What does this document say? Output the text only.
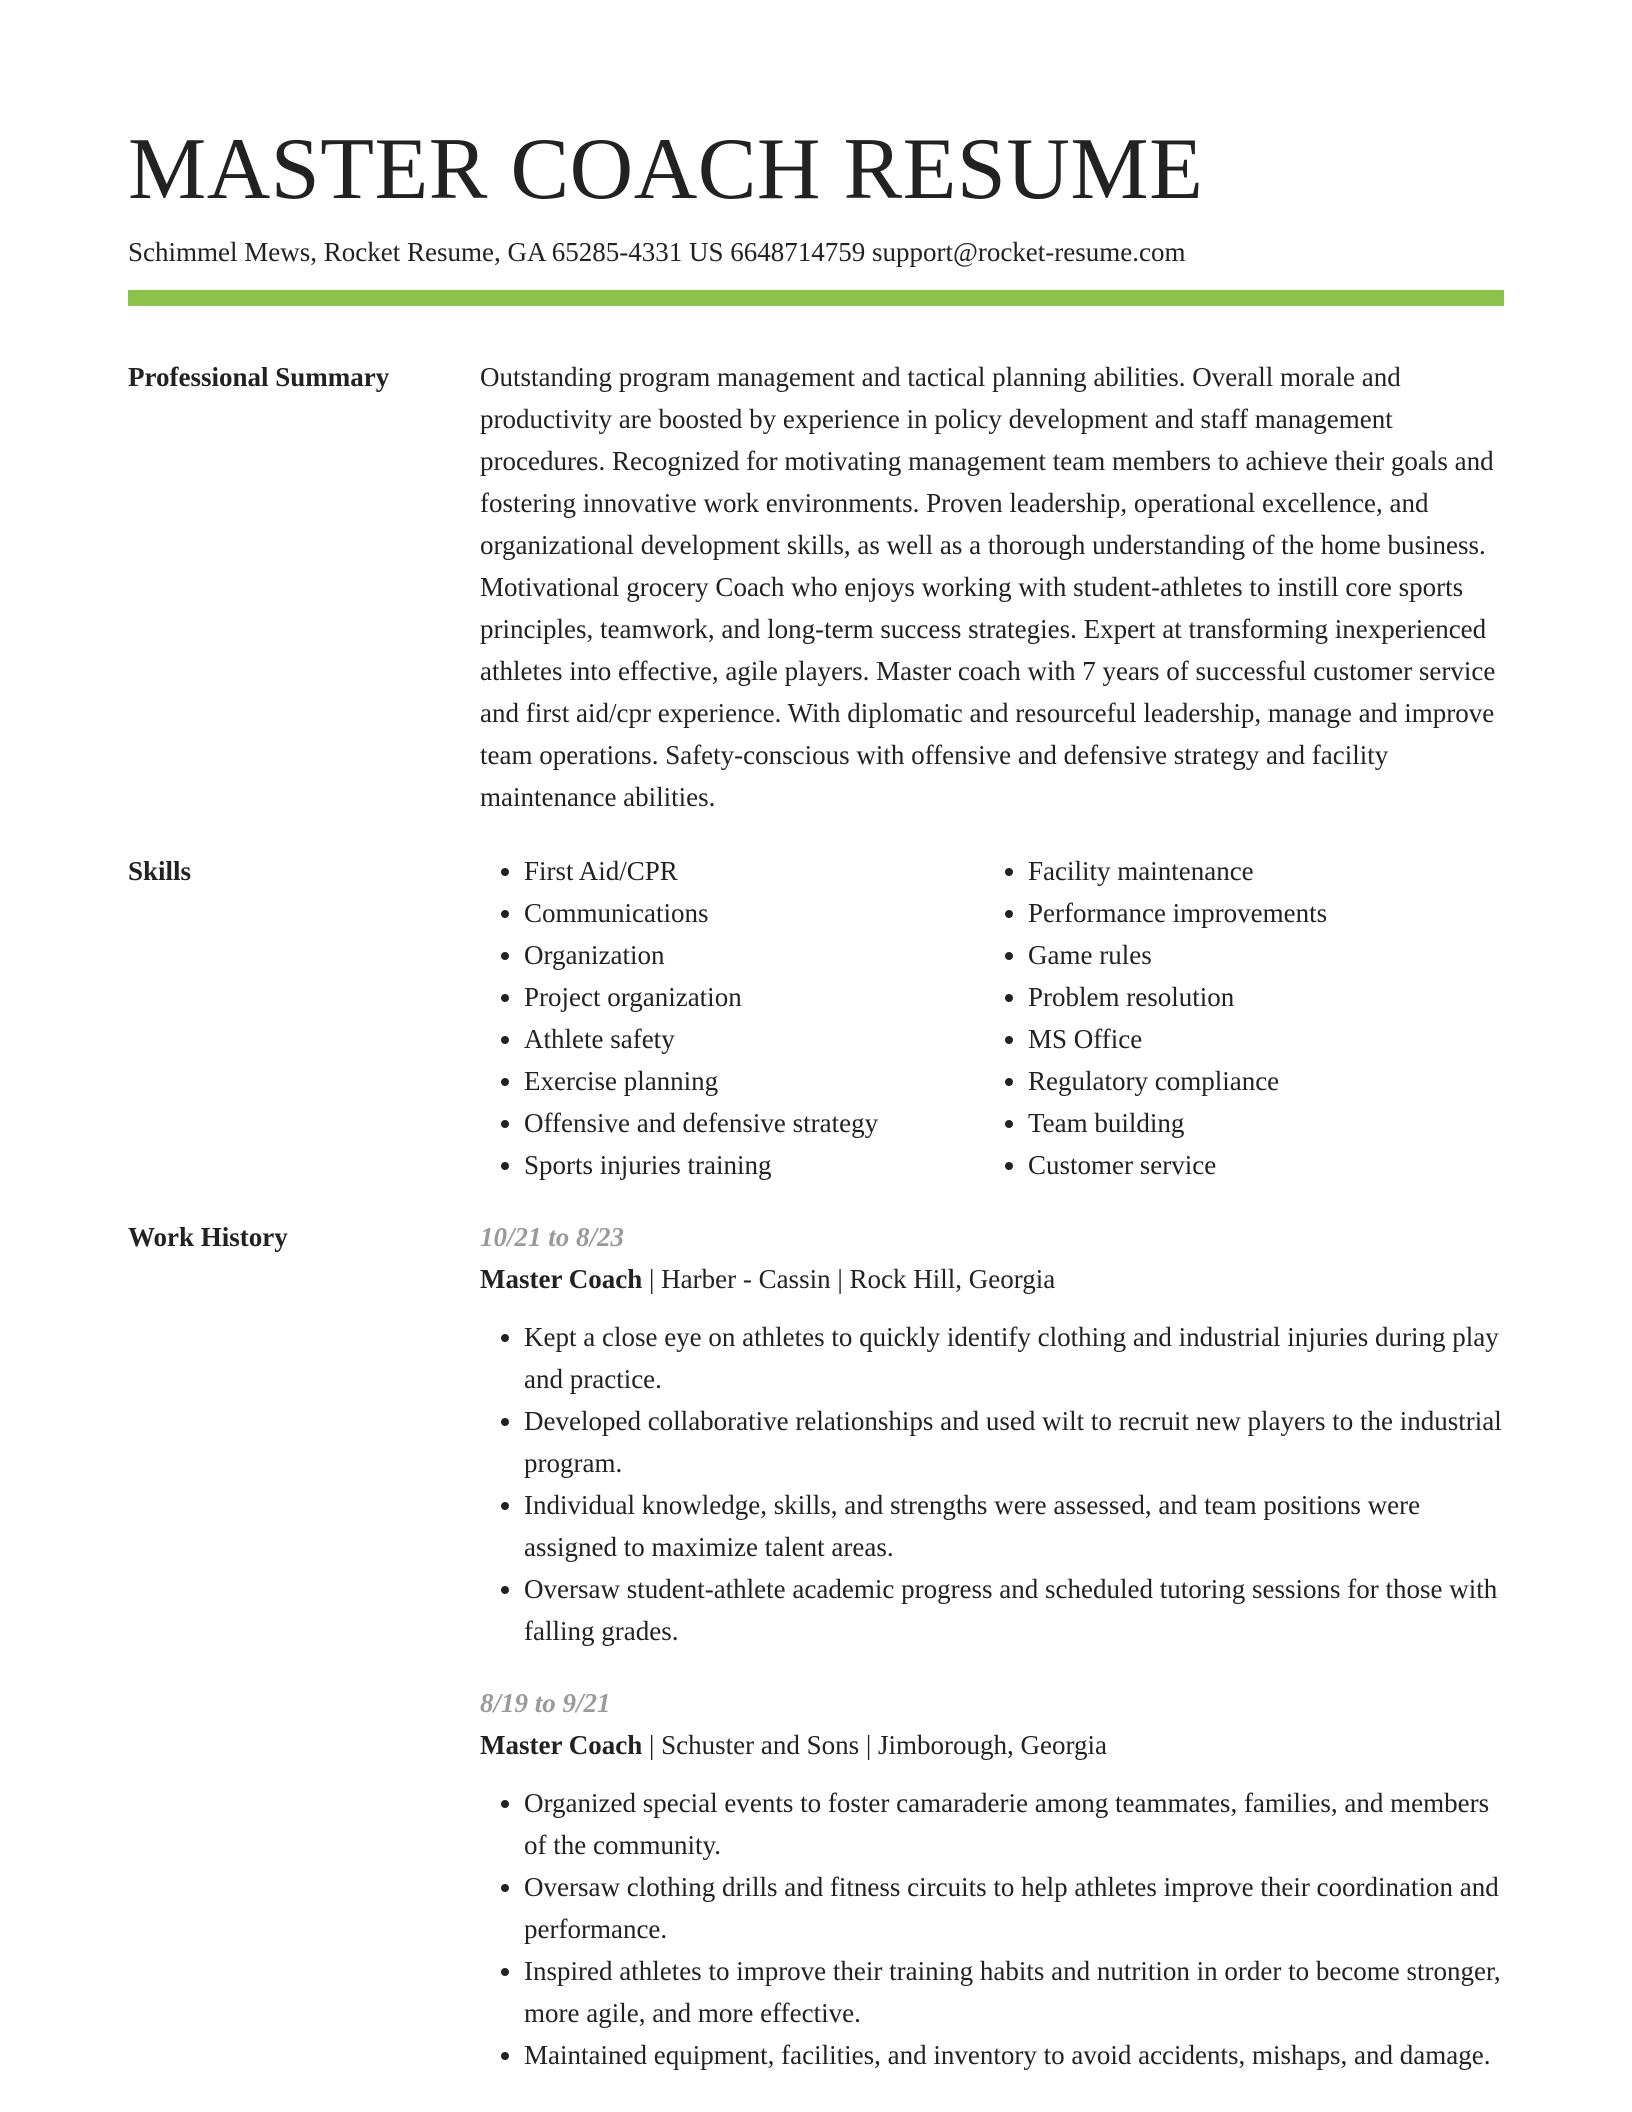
MASTER COACH RESUME
Schimmel Mews, Rocket Resume, GA 65285-4331 US 6648714759 support@rocket-resume.com
Professional Summary	Outstanding program management and tactical planning abilities. Overall morale and productivity are boosted by experience in policy development and staff management procedures. Recognized for motivating management team members to achieve their goals and fostering innovative work environments. Proven leadership, operational excellence, and organizational development skills, as well as a thorough understanding of the home business. Motivational grocery Coach who enjoys working with student-athletes to instill core sports principles, teamwork, and long-term success strategies. Expert at transforming inexperienced athletes into effective, agile players. Master coach with 7 years of successful customer service and first aid/cpr experience. With diplomatic and resourceful leadership, manage and improve team operations. Safety-conscious with offensive and defensive strategy and facility maintenance abilities.

Skills
•	First Aid/CPR
• Communications
• Organization
• Project organization
• Athlete safety
• Exercise planning
• Offensive and defensive strategy
• Sports injuries training
• Facility maintenance
• Performance improvements
• Game rules
• Problem resolution
• MS Office
• Regulatory compliance
• Team building
• Customer service
Work History	10/21 to 8/23
Master Coach | Harber - Cassin | Rock Hill, Georgia
• Kept a close eye on athletes to quickly identify clothing and industrial injuries during play and practice.
• Developed collaborative relationships and used wilt to recruit new players to the industrial program.
• Individual knowledge, skills, and strengths were assessed, and team positions were assigned to maximize talent areas.
• Oversaw student-athlete academic progress and scheduled tutoring sessions for those with falling grades.
8/19 to 9/21
Master Coach | Schuster and Sons | Jimborough, Georgia
• Organized special events to foster camaraderie among teammates, families, and members of the community.
• Oversaw clothing drills and fitness circuits to help athletes improve their coordination and performance.
• Inspired athletes to improve their training habits and nutrition in order to become stronger, more agile, and more effective.
• Maintained equipment, facilities, and inventory to avoid accidents, mishaps, and damage.
